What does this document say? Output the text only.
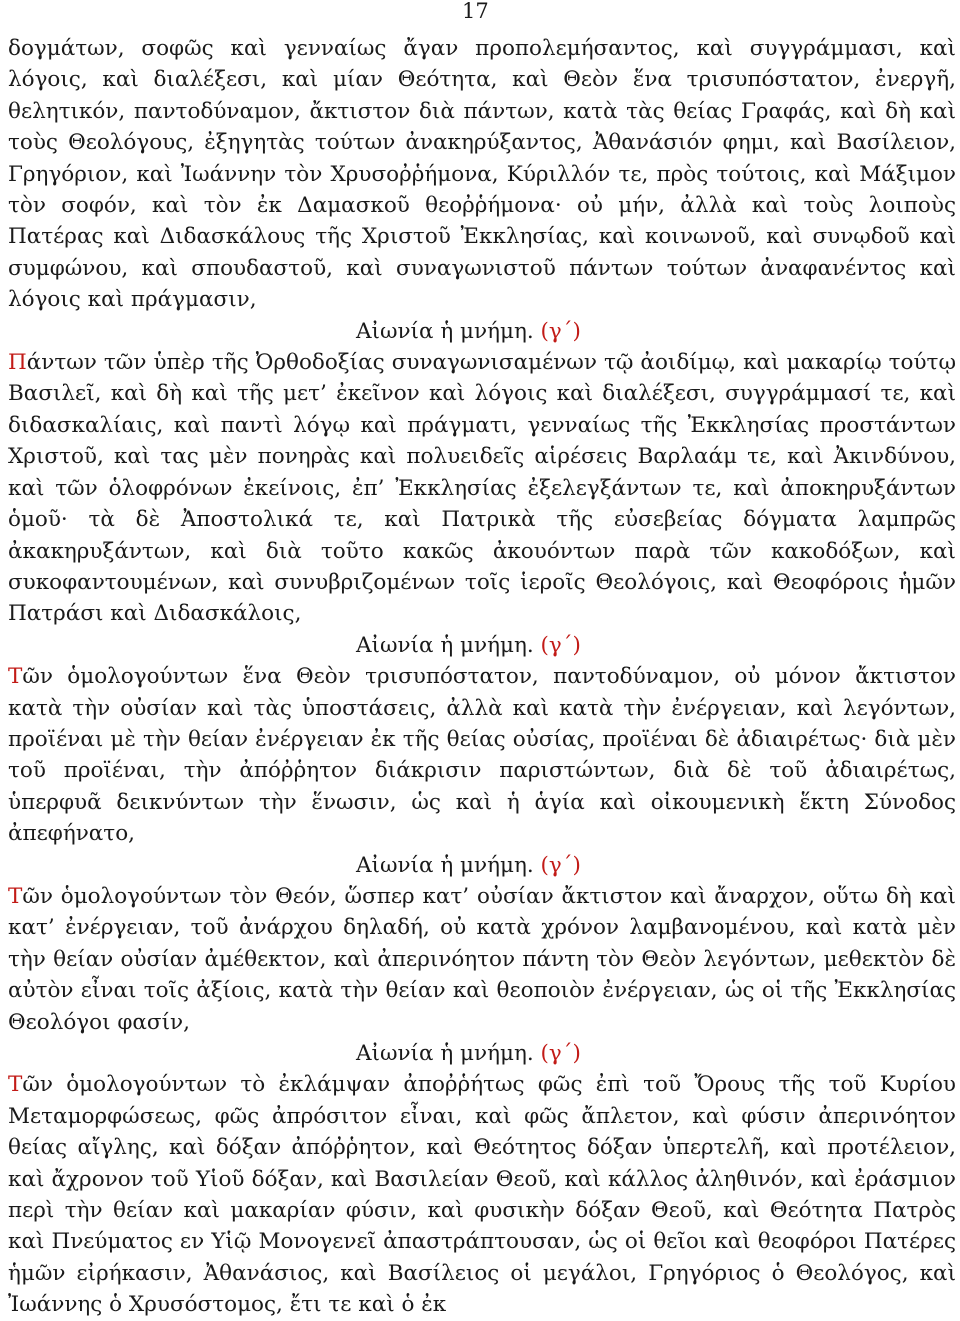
17

δογμάτων, σοφῶς καὶ γενναίως ἄγαν προπολεμήσαντος, καὶ συγγράμμασι, καὶ λόγοις, καὶ διαλέξεσι, καὶ μίαν Θεότητα, καὶ Θεὸν ἕνα τρισυπόστατον, ἐνεργῆ, θελητικόν, παντοδύναμον, ἄκτιστον διὰ πάντων, κατὰ τὰς θείας Γραφάς, καὶ δὴ καὶ τοὺς Θεολόγους, ἐξηγητὰς τούτων ἀνακηρύξαντος, Ἀθανάσιόν φημι, καὶ Βασίλειον, Γρηγόριον, καὶ Ἰωάννην τὸν Χρυσοῤῥήμονα, Κύριλλόν τε, πρὸς τούτοις, καὶ Μάξιμον τὸν σοφόν, καὶ τὸν ἐκ Δαμασκοῦ θεοῤῥήμονα· οὐ μήν, ἀλλὰ καὶ τοὺς λοιποὺς Πατέρας καὶ Διδασκάλους τῆς Χριστοῦ Ἐκκλησίας, καὶ κοινωνοῦ, καὶ συνῳδοῦ καὶ συμφώνου, καὶ σπουδαστοῦ, καὶ συναγωνιστοῦ πάντων τούτων ἀναφανέντος καὶ λόγοις καὶ πράγμασιν,

Αἰωνία ἡ μνήμη. (γ´)

Πάντων τῶν ὑπὲρ τῆς Ὀρθοδοξίας συναγωνισαμένων τῷ ἀοιδίμῳ, καὶ μακαρίῳ τούτῳ Βασιλεῖ, καὶ δὴ καὶ τῆς μετ’ ἐκεῖνον καὶ λόγοις καὶ διαλέξεσι, συγγράμμασί τε, καὶ διδασκαλίαις, καὶ παντὶ λόγῳ καὶ πράγματι, γενναίως τῆς Ἐκκλησίας προστάντων Χριστοῦ, καὶ τας μὲν πονηρὰς καὶ πολυειδεῖς αἱρέσεις Βαρλαάμ τε, καὶ Ἀκινδύνου, καὶ τῶν ὁλοφρόνων ἐκείνοις, ἐπ’ Ἐκκλησίας ἐξελεγξάντων τε, καὶ ἀποκηρυξάντων ὁμοῦ· τὰ δὲ Ἀποστολικά τε, καὶ Πατρικὰ τῆς εὐσεβείας δόγματα λαμπρῶς ἀκακηρυξάντων, καὶ διὰ τοῦτο κακῶς ἀκουόντων παρὰ τῶν κακοδόξων, καὶ συκοφαντουμένων, καὶ συνυβριζομένων τοῖς ἱεροῖς Θεολόγοις, καὶ Θεοφόροις ἡμῶν Πατράσι καὶ Διδασκάλοις,

Αἰωνία ἡ μνήμη. (γ´)

Τῶν ὁμολογούντων ἕνα Θεὸν τρισυπόστατον, παντοδύναμον, οὐ μόνον ἄκτιστον κατὰ τὴν οὐσίαν καὶ τὰς ὑποστάσεις, ἀλλὰ καὶ κατὰ τὴν ἐνέργειαν, καὶ λεγόντων, προϊέναι μὲ τὴν θείαν ἐνέργειαν ἐκ τῆς θείας οὐσίας, προϊέναι δὲ ἀδιαιρέτως· διὰ μὲν τοῦ προϊέναι, τὴν ἀπόῤῥητον διάκρισιν παριστώντων, διὰ δὲ τοῦ ἀδιαιρέτως, ὑπερφυᾶ δεικνύντων τὴν ἕνωσιν, ὡς καὶ ἡ ἁγία καὶ οἰκουμενικὴ ἕκτη Σύνοδος ἀπεφήνατο,

Αἰωνία ἡ μνήμη. (γ´)

Τῶν ὁμολογούντων τὸν Θεόν, ὥσπερ κατ’ οὐσίαν ἄκτιστον καὶ ἄναρχον, οὕτω δὴ καὶ κατ’ ἐνέργειαν, τοῦ ἀνάρχου δηλαδή, οὐ κατὰ χρόνον λαμβανομένου, καὶ κατὰ μὲν τὴν θείαν οὐσίαν ἀμέθεκτον, καὶ ἀπερινόητον πάντη τὸν Θεὸν λεγόντων, μεθεκτὸν δὲ αὐτὸν εἶναι τοῖς ἀξίοις, κατὰ τὴν θείαν καὶ θεοποιὸν ἐνέργειαν, ὡς οἱ τῆς Ἐκκλησίας Θεολόγοι φασίν,

Αἰωνία ἡ μνήμη. (γ´)

Τῶν ὁμολογούντων τὸ ἐκλάμψαν ἀποῤῥήτως φῶς ἐπὶ τοῦ Ὄρους τῆς τοῦ Κυρίου Μεταμορφώσεως, φῶς ἀπρόσιτον εἶναι, καὶ φῶς ἄπλετον, καὶ φύσιν ἀπερινόητον θείας αἴγλης, καὶ δόξαν ἀπόῤῥητον, καὶ Θεότητος δόξαν ὑπερτελῆ, καὶ προτέλειον, καὶ ἄχρονον τοῦ Υἱοῦ δόξαν, καὶ Βασιλείαν Θεοῦ, καὶ κάλλος ἀληθινόν, καὶ ἐράσμιον περὶ τὴν θείαν καὶ μακαρίαν φύσιν, καὶ φυσικὴν δόξαν Θεοῦ, καὶ Θεότητα Πατρὸς καὶ Πνεύματος εν Υἱῷ Μονογενεῖ ἀπαστράπτουσαν, ὡς οἱ θεῖοι καὶ θεοφόροι Πατέρες ἡμῶν εἰρήκασιν, Ἀθανάσιος, καὶ Βασίλειος οἱ μεγάλοι, Γρηγόριος ὁ Θεολόγος, καὶ Ἰωάννης ὁ Χρυσόστομος, ἔτι τε καὶ ὁ ἐκ
